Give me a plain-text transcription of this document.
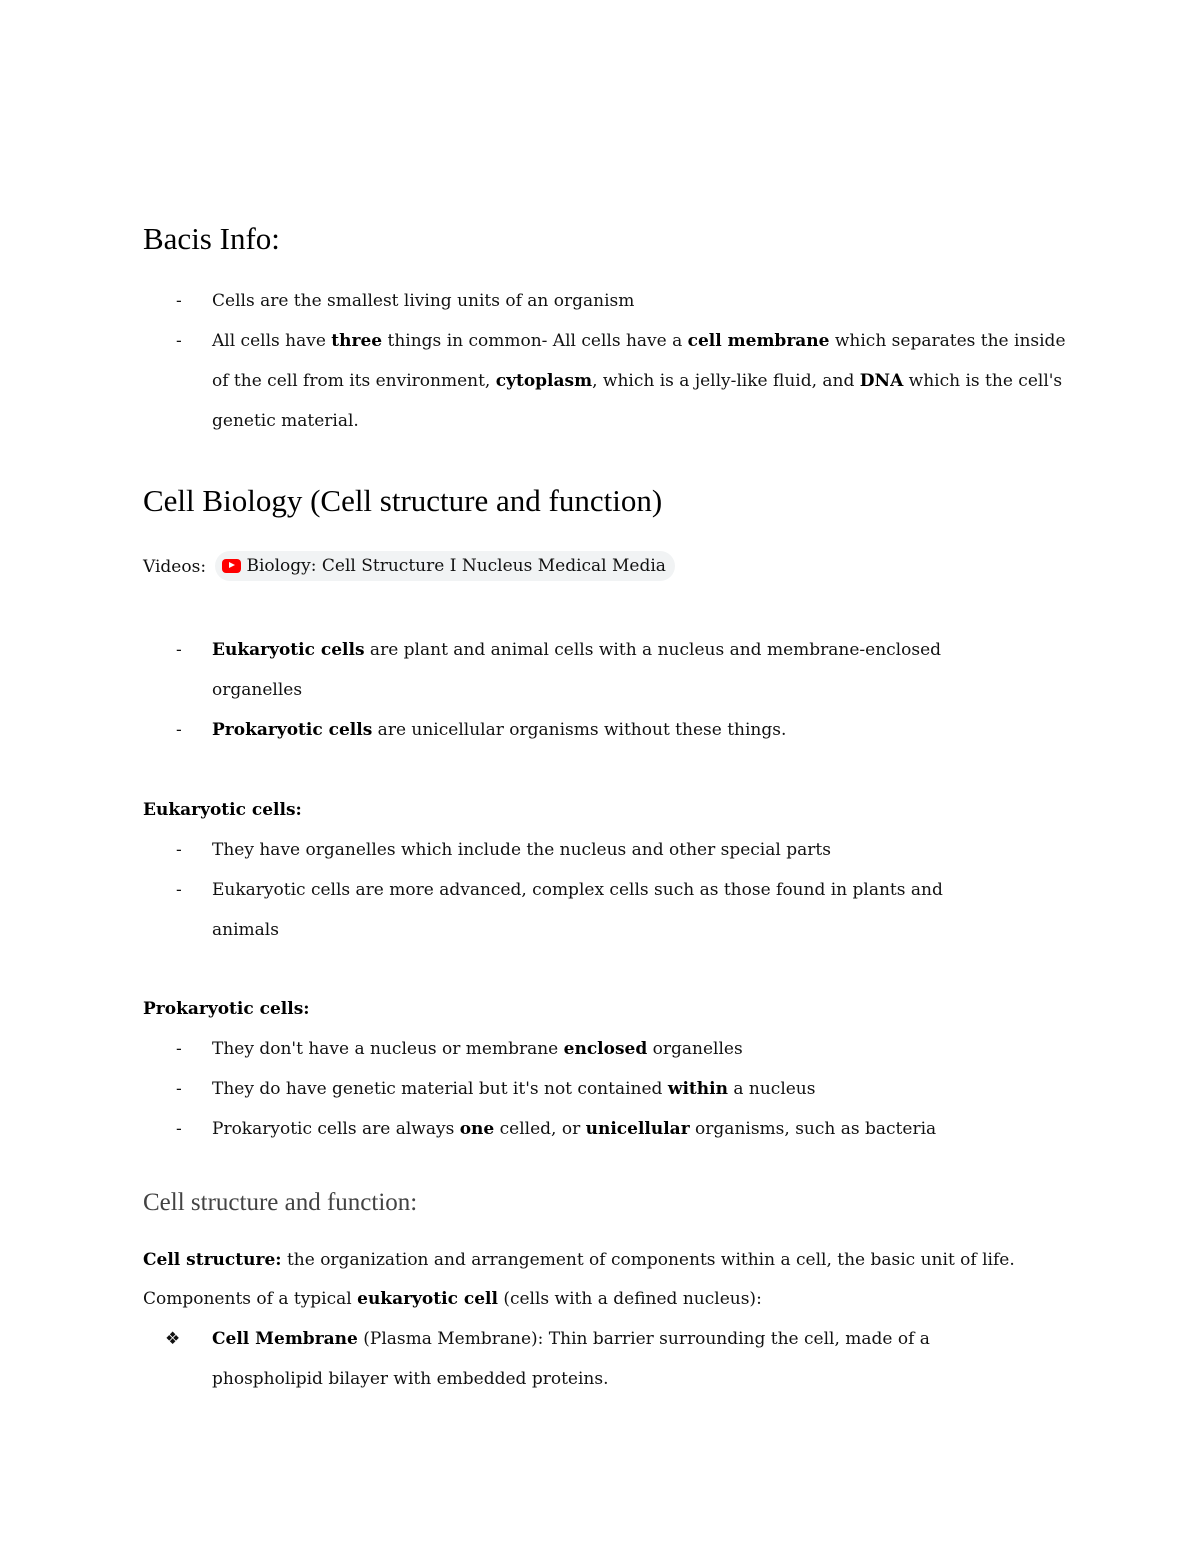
Bacis Info:
- Cells are the smallest living units of an organism
- All cells have three things in common- All cells have a cell membrane which separates the inside of the cell from its environment, cytoplasm, which is a jelly-like fluid, and DNA which is the cell's genetic material.
Cell Biology (Cell structure and function)

Videos: Biology: Cell Structure I Nucleus Medical Media

- Eukaryotic cells are plant and animal cells with a nucleus and membrane-enclosed organelles
- Prokaryotic cells are unicellular organisms without these things.
Eukaryotic cells:
- They have organelles which include the nucleus and other special parts
- Eukaryotic cells are more advanced, complex cells such as those found in plants and animals
Prokaryotic cells:
- They don't have a nucleus or membrane enclosed organelles
- They do have genetic material but it's not contained within a nucleus
- Prokaryotic cells are always one celled, or unicellular organisms, such as bacteria
Cell structure and function:

Cell structure: the organization and arrangement of components within a cell, the basic unit of life.

Components of a typical eukaryotic cell (cells with a defined nucleus):

❖ Cell Membrane (Plasma Membrane): Thin barrier surrounding the cell, made of a phospholipid bilayer with embedded proteins.
